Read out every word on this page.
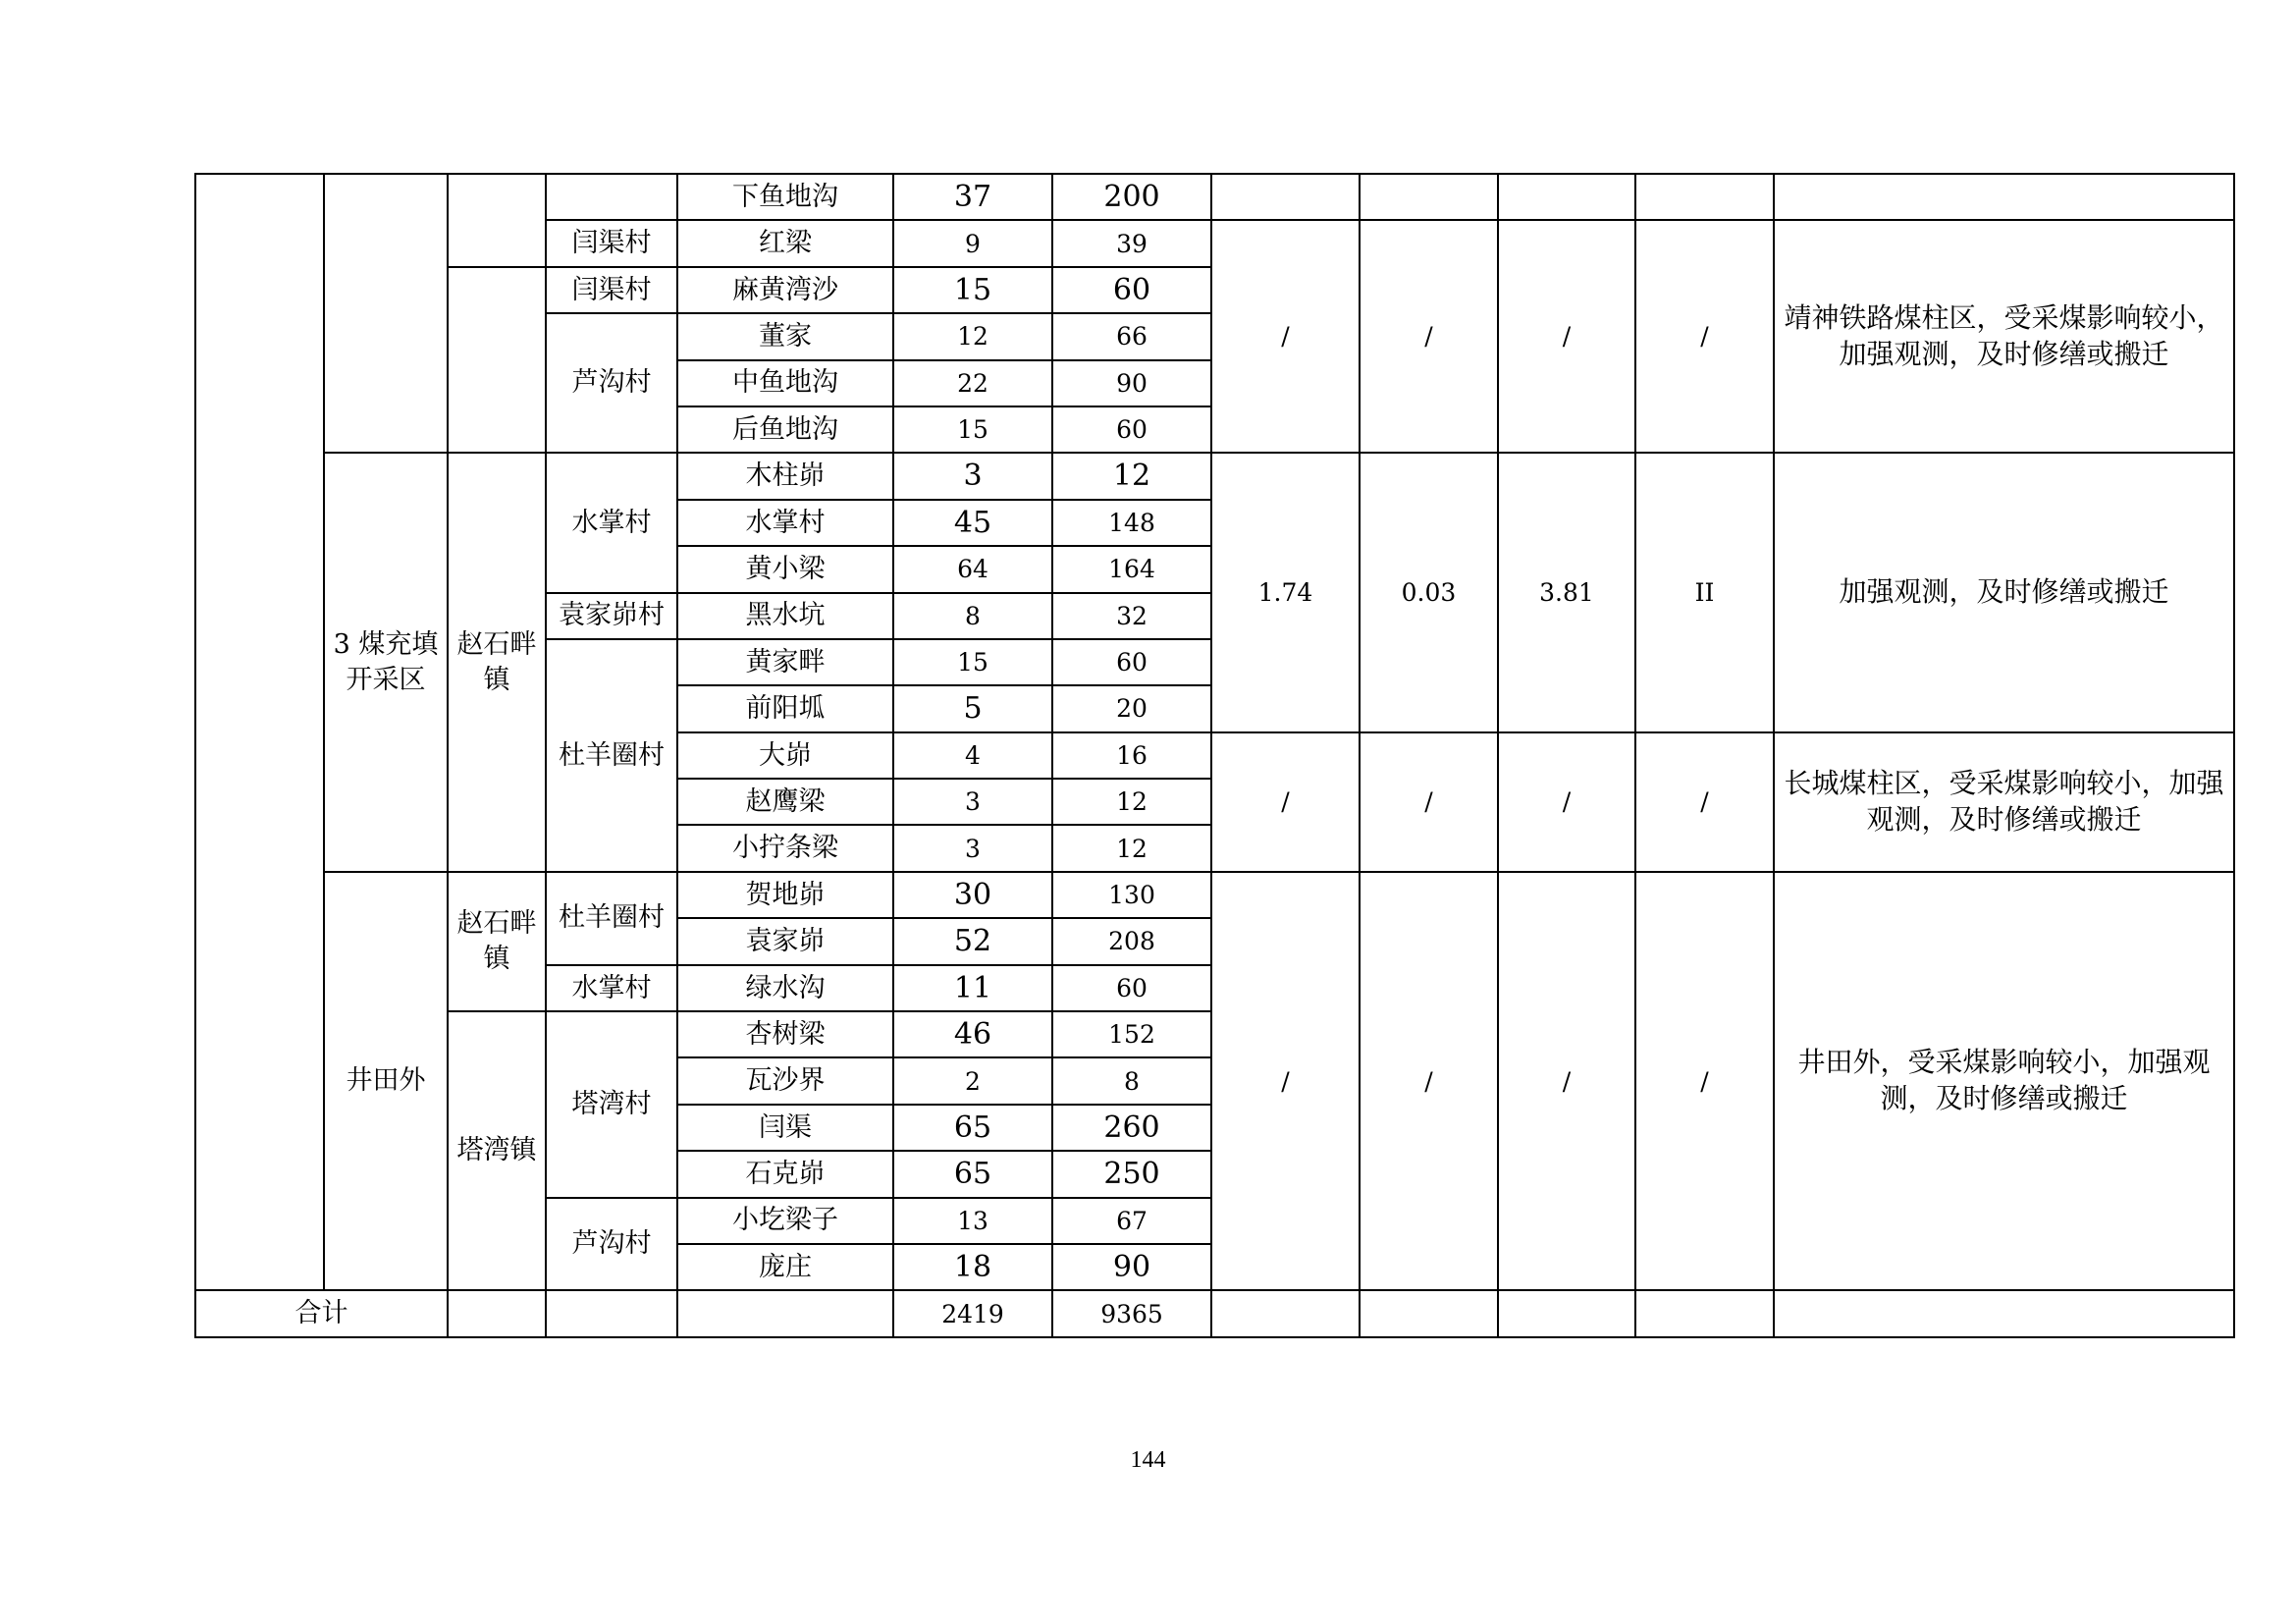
				下鱼地沟	37	200					
			闫渠村	红梁	9	39	/	/	/	/	靖神铁路煤柱区，受采煤影响较小，加强观测，及时修缮或搬迁
			闫渠村	麻黄湾沙	15	60					
			芦沟村	董家	12	66					
				中鱼地沟	22	90					
				后鱼地沟	15	60					
	3 煤充填开采区	赵石畔镇	水掌村	木柱峁	3	12	1.74	0.03	3.81	II	加强观测，及时修缮或搬迁
				水掌村	45	148					
				黄小梁	64	164					
			袁家峁村	黑水坑	8	32					
			杜羊圈村	黄家畔	15	60					
				前阳坬	5	20					
				大峁	4	16	/	/	/	/	长城煤柱区，受采煤影响较小，加强观测，及时修缮或搬迁
				赵鹰梁	3	12					
				小拧条梁	3	12					
	井田外	赵石畔镇	杜羊圈村	贺地峁	30	130	/	/	/	/	井田外，受采煤影响较小，加强观测，及时修缮或搬迁
				袁家峁	52	208					
			水掌村	绿水沟	11	60					
		塔湾镇	塔湾村	杏树梁	46	152					
				瓦沙界	2	8					
				闫渠	65	260					
				石克峁	65	250					
			芦沟村	小圪梁子	13	67					
				庞庄	18	90					
合计					2419	9365					
144
